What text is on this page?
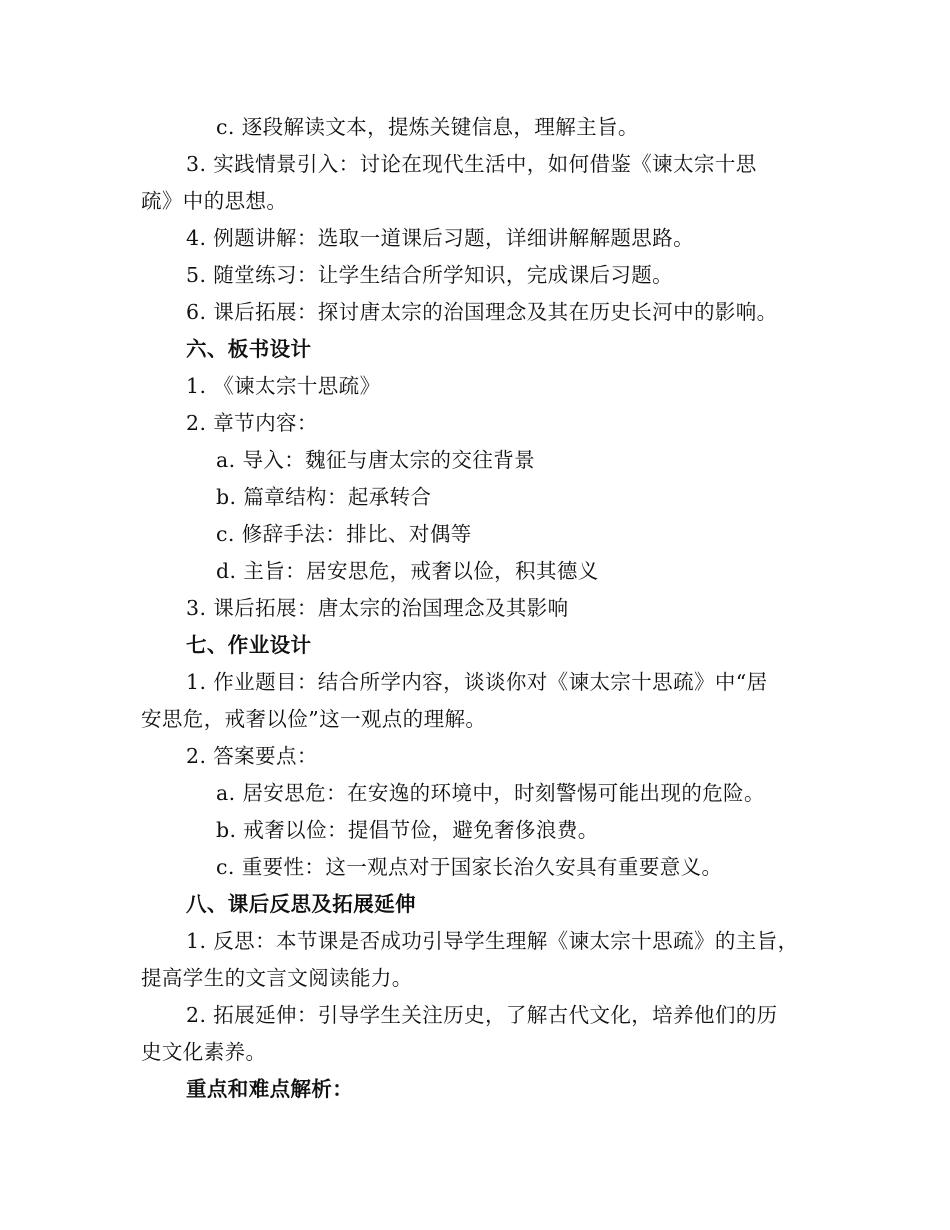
c. 逐段解读文本，提炼关键信息，理解主旨。
3. 实践情景引入：讨论在现代生活中，如何借鉴《谏太宗十思
疏》中的思想。
4. 例题讲解：选取一道课后习题，详细讲解解题思路。
5. 随堂练习：让学生结合所学知识，完成课后习题。
6. 课后拓展：探讨唐太宗的治国理念及其在历史长河中的影响。
六、板书设计
1. 《谏太宗十思疏》
2. 章节内容：
a. 导入：魏征与唐太宗的交往背景
b. 篇章结构：起承转合
c. 修辞手法：排比、对偶等
d. 主旨：居安思危，戒奢以俭，积其德义
3. 课后拓展：唐太宗的治国理念及其影响
七、作业设计
1. 作业题目：结合所学内容，谈谈你对《谏太宗十思疏》中“居
安思危，戒奢以俭”这一观点的理解。
2. 答案要点：
a. 居安思危：在安逸的环境中，时刻警惕可能出现的危险。
b. 戒奢以俭：提倡节俭，避免奢侈浪费。
c. 重要性：这一观点对于国家长治久安具有重要意义。
八、课后反思及拓展延伸
1. 反思：本节课是否成功引导学生理解《谏太宗十思疏》的主旨，
提高学生的文言文阅读能力。
2. 拓展延伸：引导学生关注历史，了解古代文化，培养他们的历
史文化素养。
重点和难点解析：
